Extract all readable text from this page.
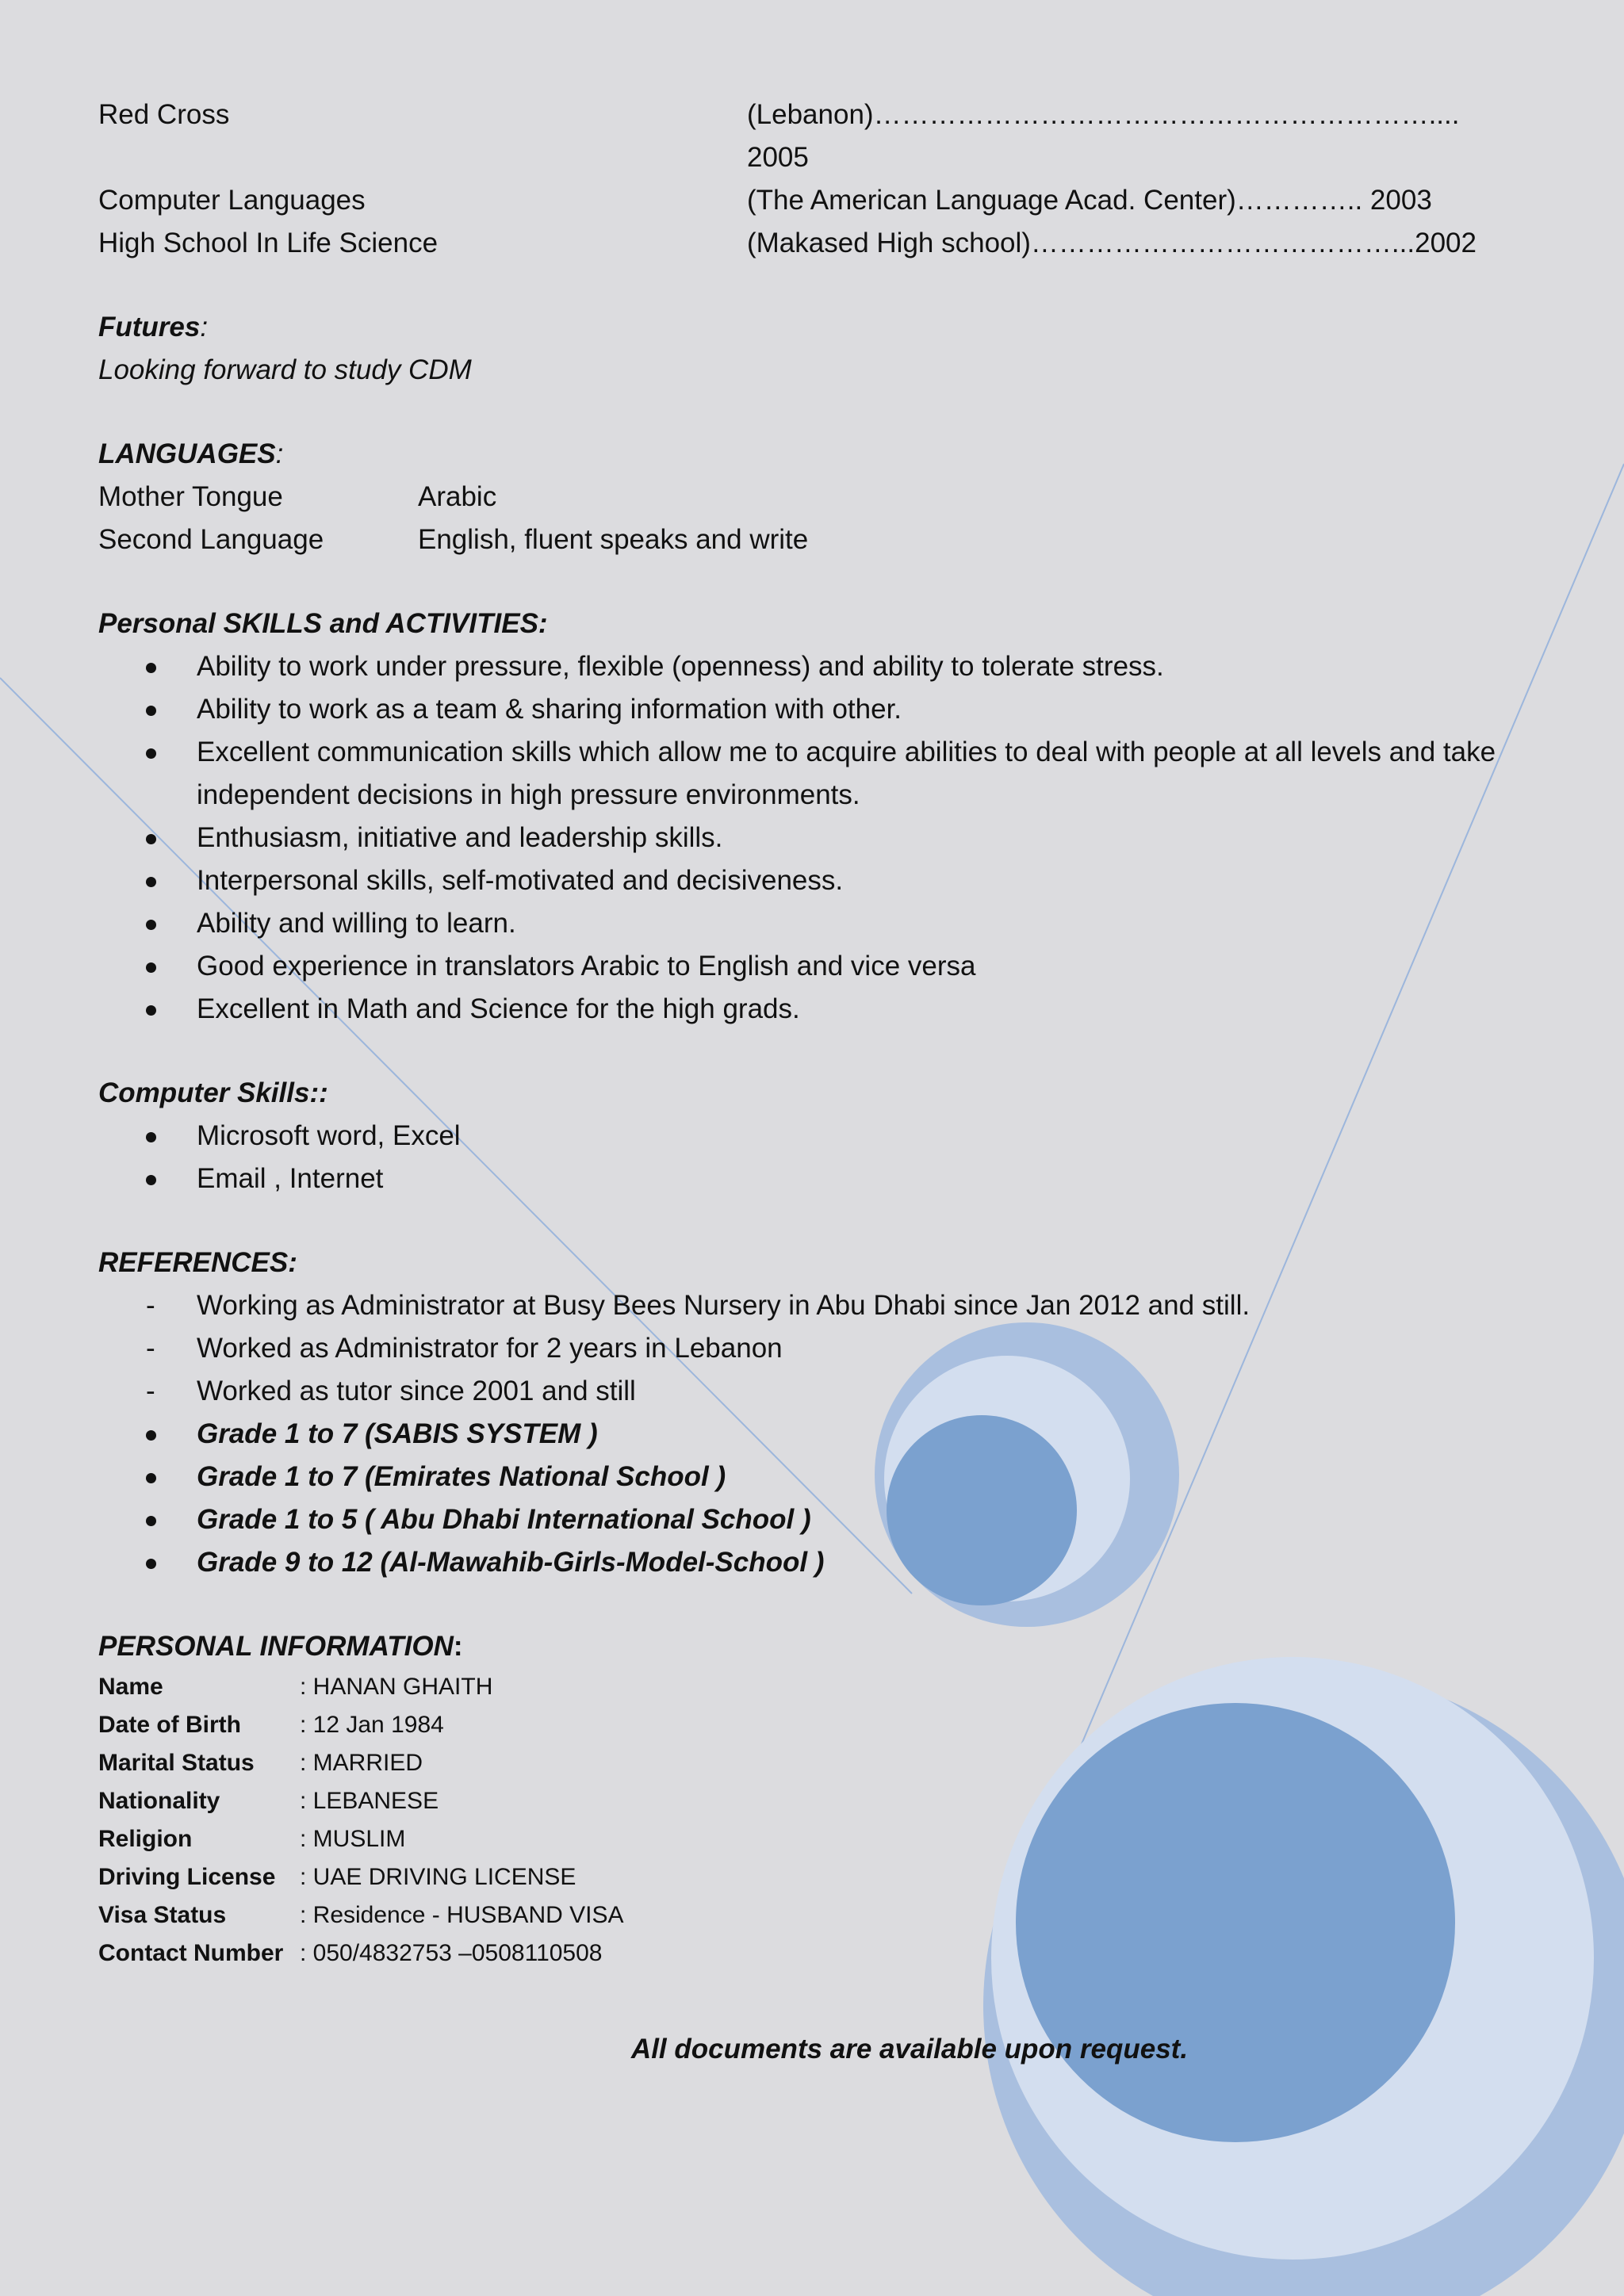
Red Cross	(Lebanon)…………………………………………………….... 2005
Computer Languages	(The American Language Acad. Center)………….. 2003
High School In Life Science	(Makased High school)…………………………………...2002
Futures:
Looking forward to study CDM
LANGUAGES:
Mother Tongue	Arabic
Second Language	English, fluent speaks and write
Personal SKILLS and ACTIVITIES:
Ability to work under pressure, flexible (openness) and ability to tolerate stress.
Ability to work as a team & sharing information with other.
Excellent communication skills which allow me to acquire abilities to deal with people at all levels and take independent decisions in high pressure environments.
Enthusiasm, initiative and leadership skills.
Interpersonal skills, self-motivated and decisiveness.
Ability and willing to learn.
Good experience in translators Arabic to English and vice versa
Excellent in Math and Science for the high grads.
Computer Skills::
Microsoft word, Excel
Email , Internet
REFERENCES:
- Working as Administrator at Busy Bees Nursery in Abu Dhabi since Jan 2012 and still.
- Worked as Administrator for 2 years in Lebanon
- Worked as tutor since 2001 and still
Grade 1 to 7 (SABIS SYSTEM )
Grade 1 to 7 (Emirates National School )
Grade 1 to 5 ( Abu Dhabi International School )
Grade 9 to 12 (Al-Mawahib-Girls-Model-School )
PERSONAL INFORMATION:
Name	: HANAN GHAITH
Date of Birth	: 12 Jan 1984
Marital Status	: MARRIED
Nationality	: LEBANESE
Religion	: MUSLIM
Driving License	: UAE DRIVING LICENSE
Visa Status	: Residence - HUSBAND VISA
Contact Number : 050/4832753 –0508110508
All documents are available upon request.
